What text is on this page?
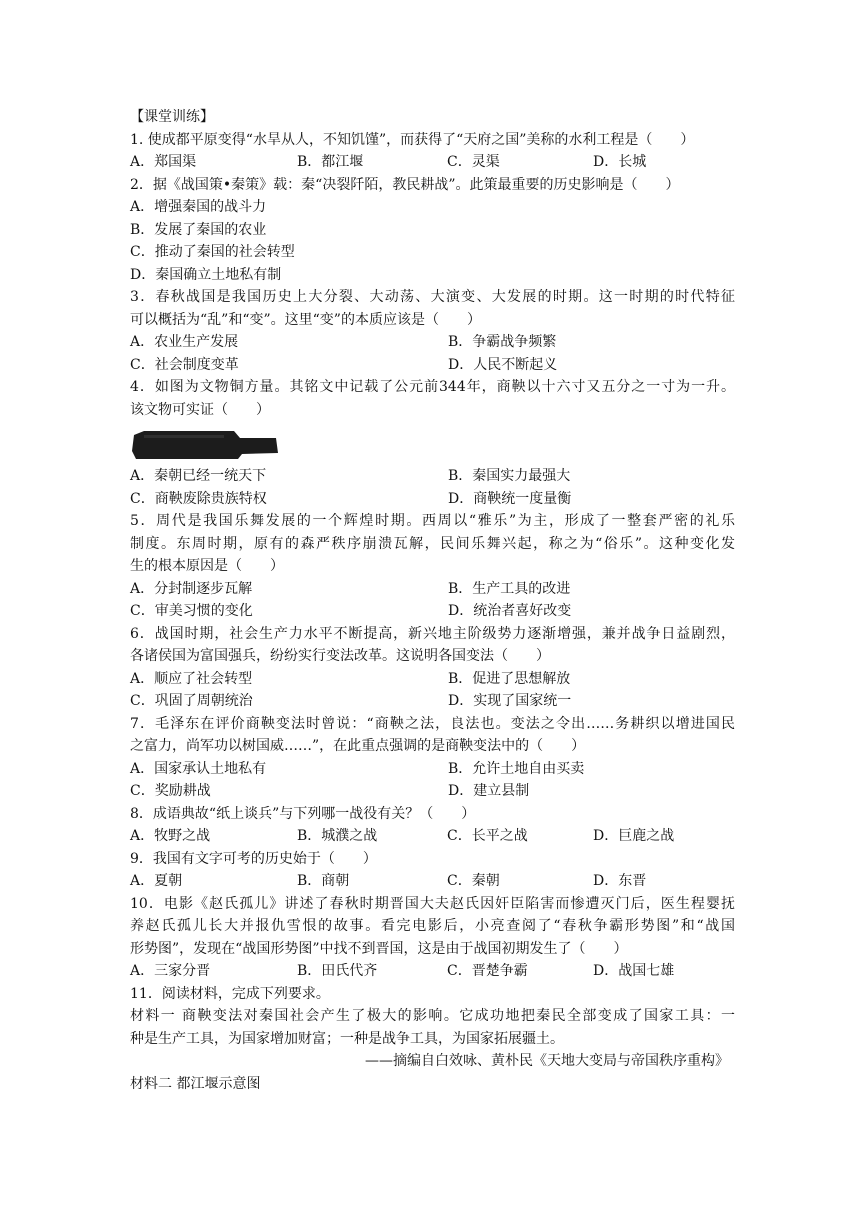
【课堂训练】
1. 使成都平原变得“水旱从人，不知饥馑”，而获得了“天府之国”美称的水利工程是（　　）
A．郑国渠	B．都江堰	C．灵渠	D．长城
2．据《战国策•秦策》载：秦“决裂阡陌，教民耕战”。此策最重要的历史影响是（　　）
A．增强秦国的战斗力
B．发展了秦国的农业
C．推动了秦国的社会转型
D．秦国确立土地私有制
3．春秋战国是我国历史上大分裂、大动荡、大演变、大发展的时期。这一时期的时代特征
可以概括为“乱”和“变”。这里“变”的本质应该是（　　）
A．农业生产发展	B．争霸战争频繁
C．社会制度变革	D．人民不断起义
4．如图为文物铜方量。其铭文中记载了公元前344年，商鞅以十六寸又五分之一寸为一升。
该文物可实证（　　）
A．秦朝已经一统天下	B．秦国实力最强大
C．商鞅废除贵族特权	D．商鞅统一度量衡
5．周代是我国乐舞发展的一个辉煌时期。西周以“雅乐”为主，形成了一整套严密的礼乐
制度。东周时期，原有的森严秩序崩溃瓦解，民间乐舞兴起，称之为“俗乐”。这种变化发
生的根本原因是（　　）
A．分封制逐步瓦解	B．生产工具的改进
C．审美习惯的变化	D．统治者喜好改变
6．战国时期，社会生产力水平不断提高，新兴地主阶级势力逐渐增强，兼并战争日益剧烈，
各诸侯国为富国强兵，纷纷实行变法改革。这说明各国变法（　　）
A．顺应了社会转型	B．促进了思想解放
C．巩固了周朝统治	D．实现了国家统一
7．毛泽东在评价商鞅变法时曾说：“商鞅之法，良法也。变法之令出……务耕织以增进国民
之富力，尚军功以树国威……”，在此重点强调的是商鞅变法中的（　　）
A．国家承认土地私有	B．允许土地自由买卖
C．奖励耕战	D．建立县制
8．成语典故“纸上谈兵”与下列哪一战役有关？（　　）
A．牧野之战	B．城濮之战	C．长平之战	D．巨鹿之战
9．我国有文字可考的历史始于（　　）
A．夏朝	B．商朝	C．秦朝	D．东晋
10．电影《赵氏孤儿》讲述了春秋时期晋国大夫赵氏因奸臣陷害而惨遭灭门后，医生程婴抚
养赵氏孤儿长大并报仇雪恨的故事。看完电影后，小亮查阅了“春秋争霸形势图”和“战国
形势图”，发现在“战国形势图”中找不到晋国，这是由于战国初期发生了（　　）
A．三家分晋	B．田氏代齐	C．晋楚争霸	D．战国七雄
11．阅读材料，完成下列要求。
材料一 商鞅变法对秦国社会产生了极大的影响。它成功地把秦民全部变成了国家工具：一
种是生产工具，为国家增加财富；一种是战争工具，为国家拓展疆土。
——摘编自白效咏、黄朴民《天地大变局与帝国秩序重构》
材料二 都江堰示意图
